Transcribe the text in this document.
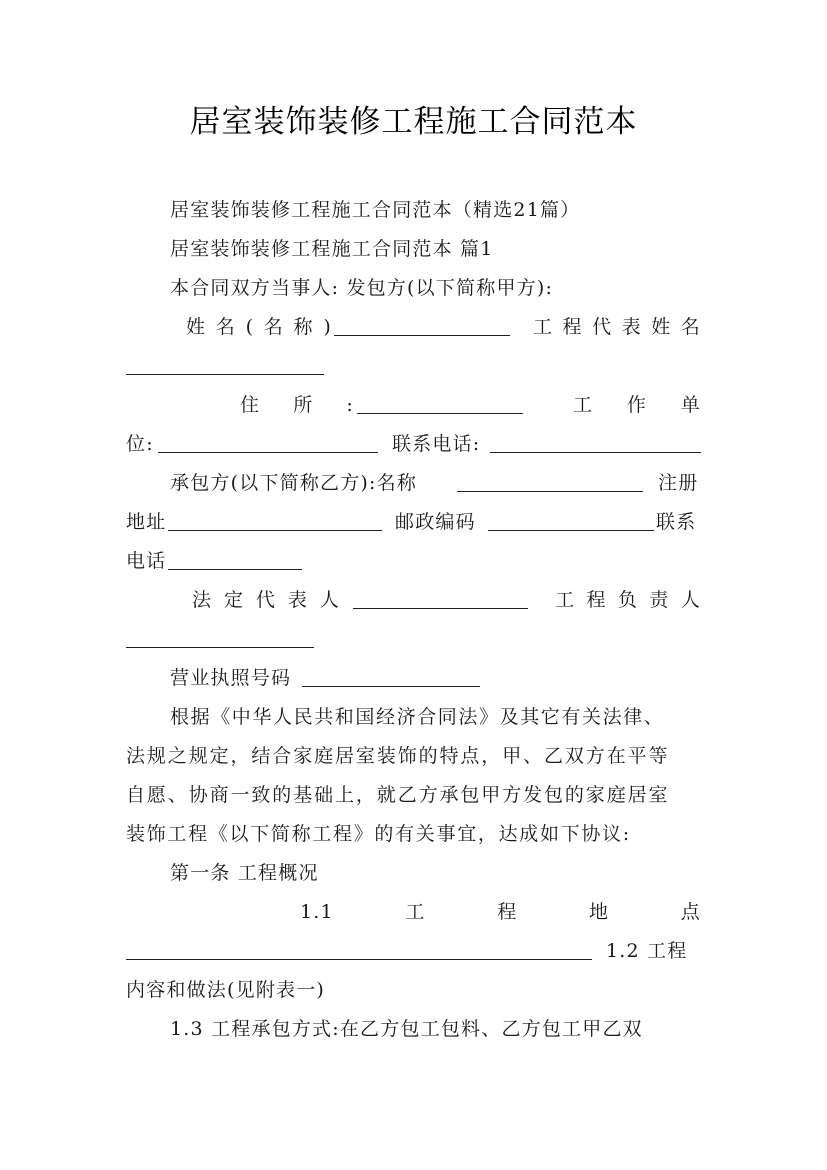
居室装饰装修工程施工合同范本
居室装饰装修工程施工合同范本（精选21篇）
居室装饰装修工程施工合同范本 篇1
本合同双方当事人: 发包方(以下简称甲方):
姓 名 ( 名 称 )	工 程 代 表 姓 名
住 所 :	工 作 单
位:	联系电话:
承包方(以下简称乙方):名称	注册
地址	邮政编码	联系
电话
法 定 代 表 人	工 程 负 责 人
营业执照号码
根据《中华人民共和国经济合同法》及其它有关法律、
法规之规定，结合家庭居室装饰的特点，甲、乙双方在平等
自愿、协商一致的基础上，就乙方承包甲方发包的家庭居室
装饰工程《以下简称工程》的有关事宜，达成如下协议:
第一条 工程概况
1.1	工	程	地	点
1.2 工程
内容和做法(见附表一)
1.3 工程承包方式:在乙方包工包料、乙方包工甲乙双
